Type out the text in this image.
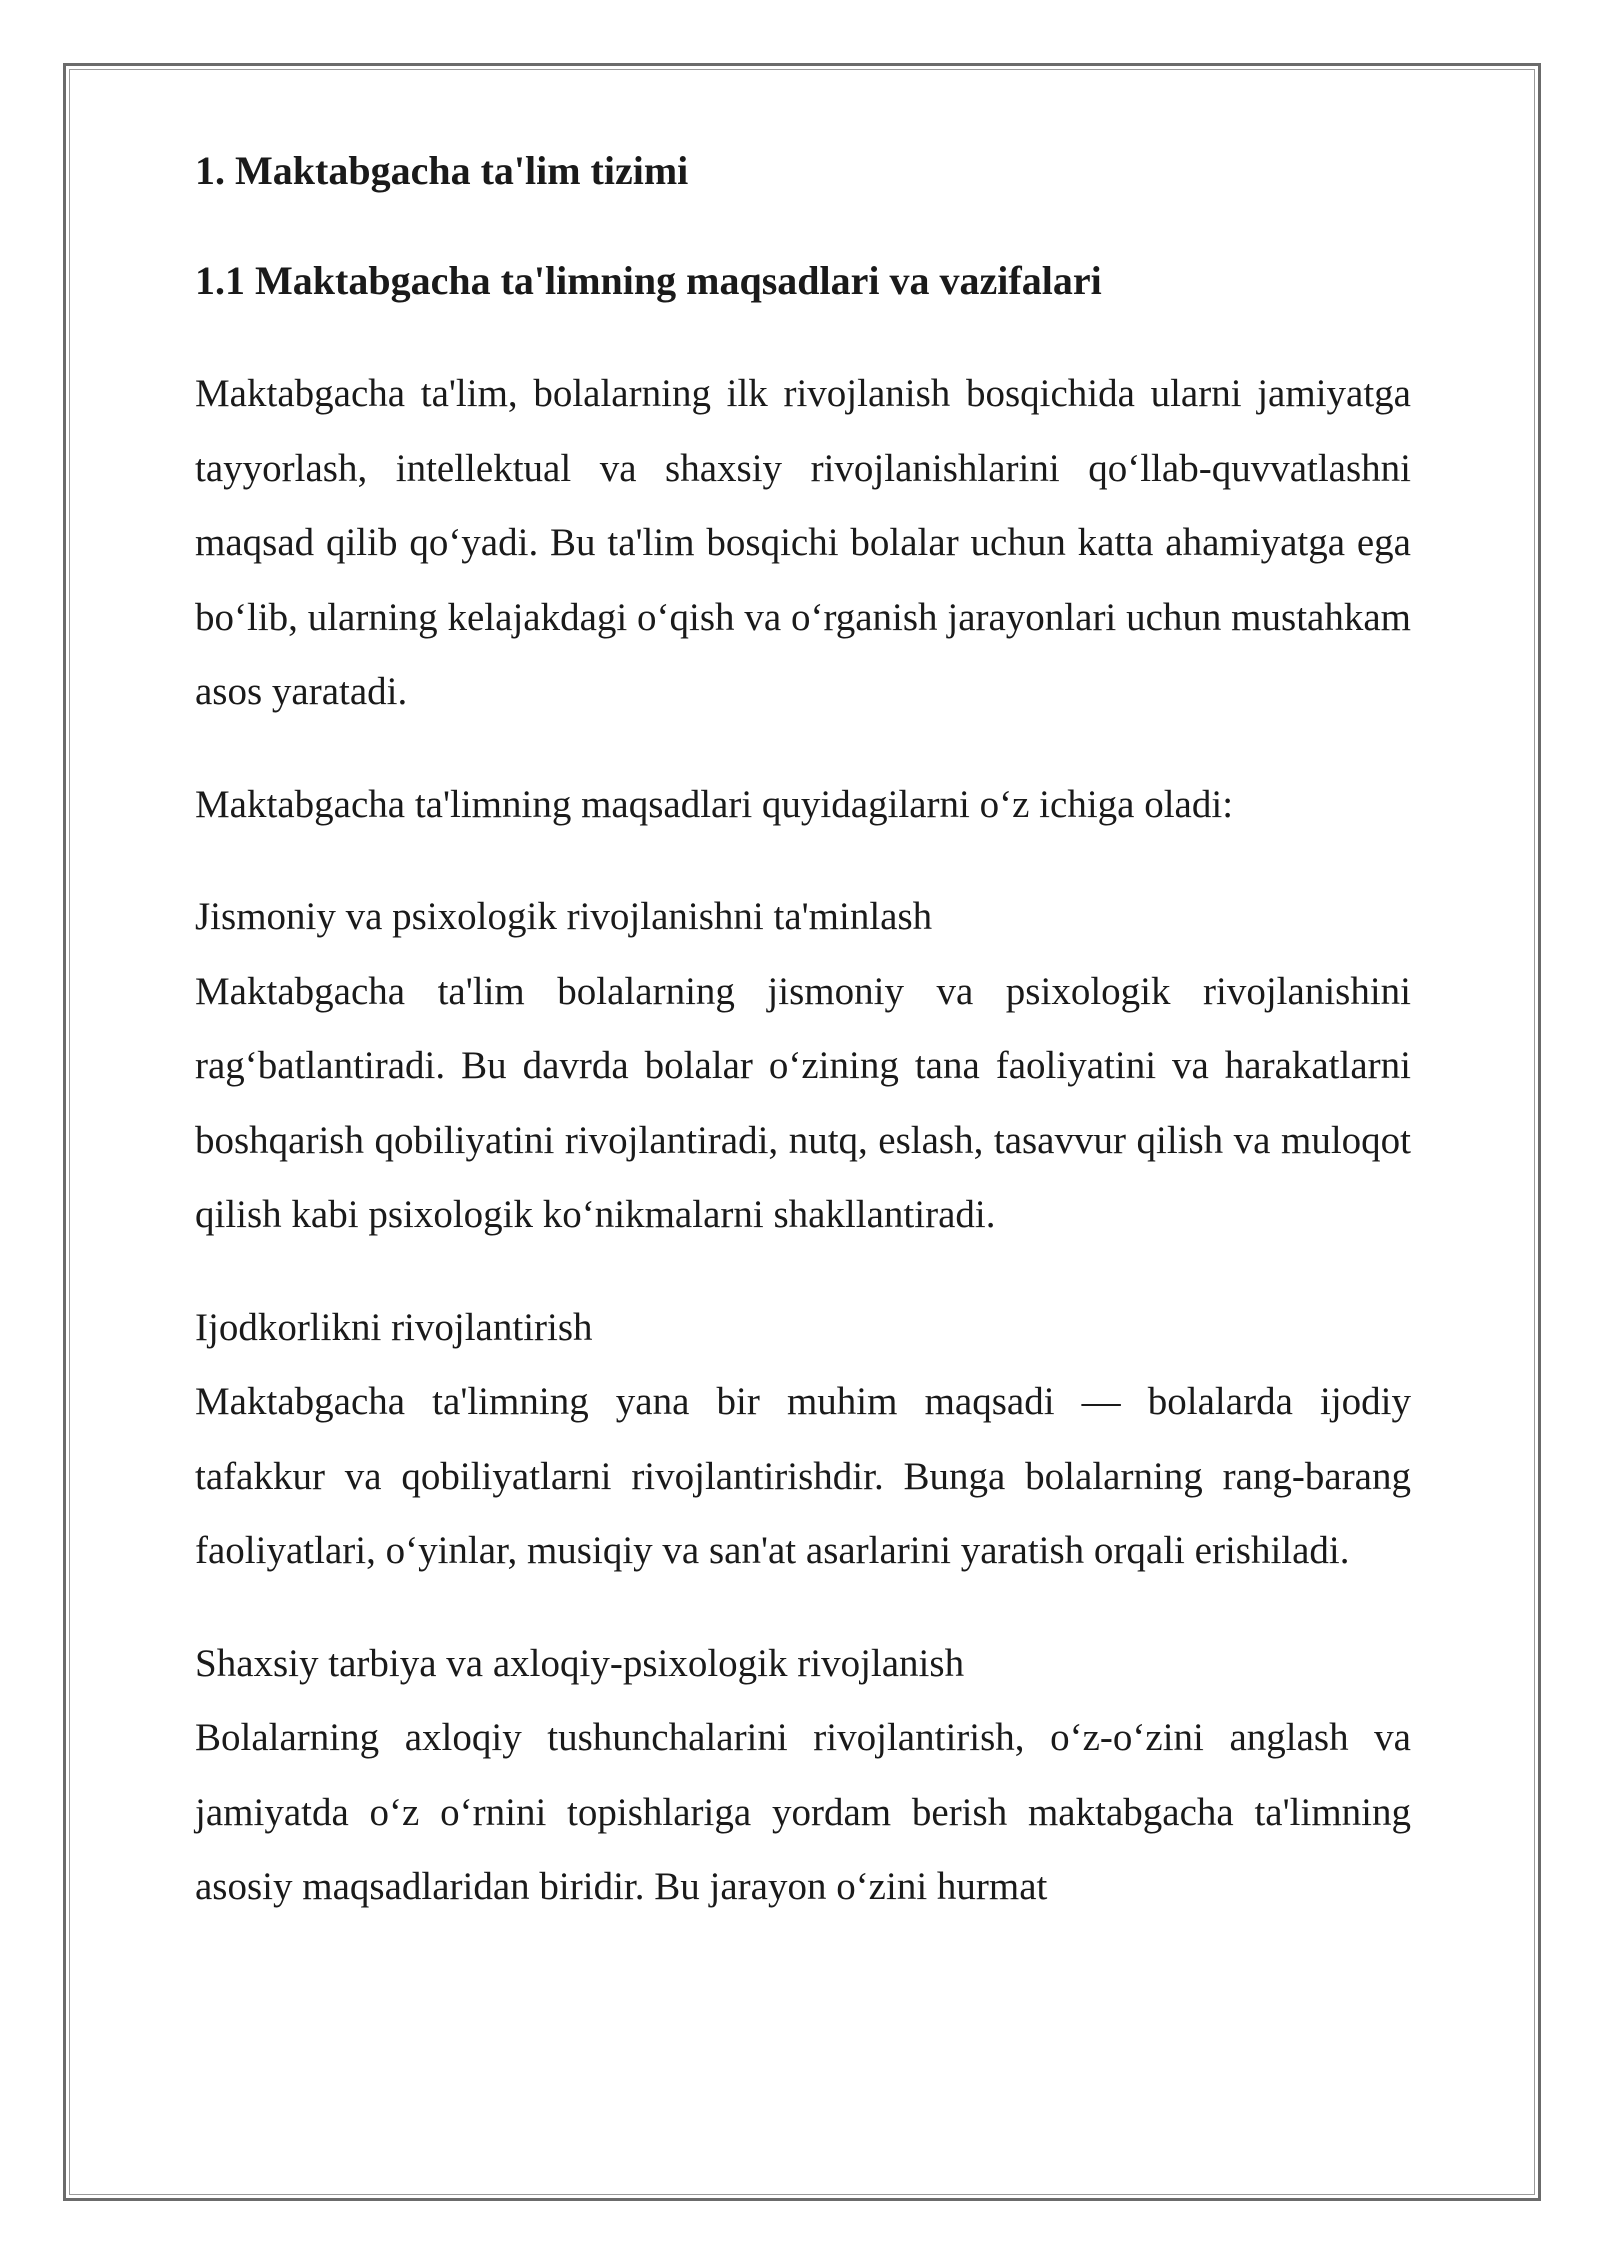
1. Maktabgacha ta'lim tizimi
1.1 Maktabgacha ta'limning maqsadlari va vazifalari

Maktabgacha ta'lim, bolalarning ilk rivojlanish bosqichida ularni jamiyatga tayyorlash, intellektual va shaxsiy rivojlanishlarini qo‘llab-quvvatlashni maqsad qilib qo‘yadi. Bu ta'lim bosqichi bolalar uchun katta ahamiyatga ega bo‘lib, ularning kelajakdagi o‘qish va o‘rganish jarayonlari uchun mustahkam asos yaratadi.

Maktabgacha ta'limning maqsadlari quyidagilarni o‘z ichiga oladi:

Jismoniy va psixologik rivojlanishni ta'minlash

Maktabgacha ta'lim bolalarning jismoniy va psixologik rivojlanishini rag‘batlantiradi. Bu davrda bolalar o‘zining tana faoliyatini va harakatlarni boshqarish qobiliyatini rivojlantiradi, nutq, eslash, tasavvur qilish va muloqot qilish kabi psixologik ko‘nikmalarni shakllantiradi.

Ijodkorlikni rivojlantirish

Maktabgacha ta'limning yana bir muhim maqsadi — bolalarda ijodiy tafakkur va qobiliyatlarni rivojlantirishdir. Bunga bolalarning rang-barang faoliyatlari, o‘yinlar, musiqiy va san'at asarlarini yaratish orqali erishiladi.

Shaxsiy tarbiya va axloqiy-psixologik rivojlanish

Bolalarning axloqiy tushunchalarini rivojlantirish, o‘z-o‘zini anglash va jamiyatda o‘z o‘rnini topishlariga yordam berish maktabgacha ta'limning asosiy maqsadlaridan biridir. Bu jarayon o‘zini hurmat
